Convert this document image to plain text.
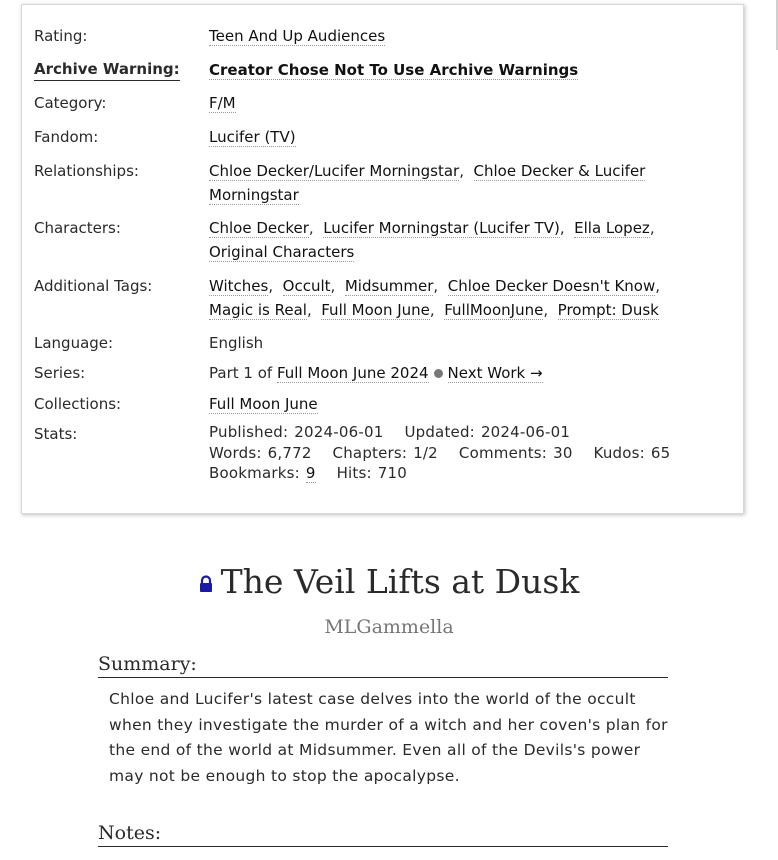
Rating:	Teen And Up Audiences
Archive Warning: Creator Chose Not To Use Archive Warnings
Category:	F/M
Fandom:	Lucifer (TV)
Relationships:	Chloe Decker/Lucifer Morningstar,  Chloe Decker & Lucifer Morningstar
Characters:	Chloe Decker,  Lucifer Morningstar (Lucifer TV),  Ella Lopez, Original Characters
Additional Tags:	Witches,  Occult,  Midsummer,  Chloe Decker Doesn't Know, Magic is Real,  Full Moon June,  FullMoonJune,  Prompt: Dusk
Language:	English
Series:	Part 1 of Full Moon June 2024 Next Work →
Collections:	Full Moon June
Stats:	Published: 2024-06-01 Updated: 2024-06-01 Words: 6,772 Chapters: 1/2 Comments: 30 Kudos: 65 Bookmarks: 9 Hits: 710
The Veil Lifts at Dusk
MLGammella
Summary:
Chloe and Lucifer's latest case delves into the world of the occult when they investigate the murder of a witch and her coven's plan for the end of the world at Midsummer. Even all of the Devils's power may not be enough to stop the apocalypse.
Notes:
